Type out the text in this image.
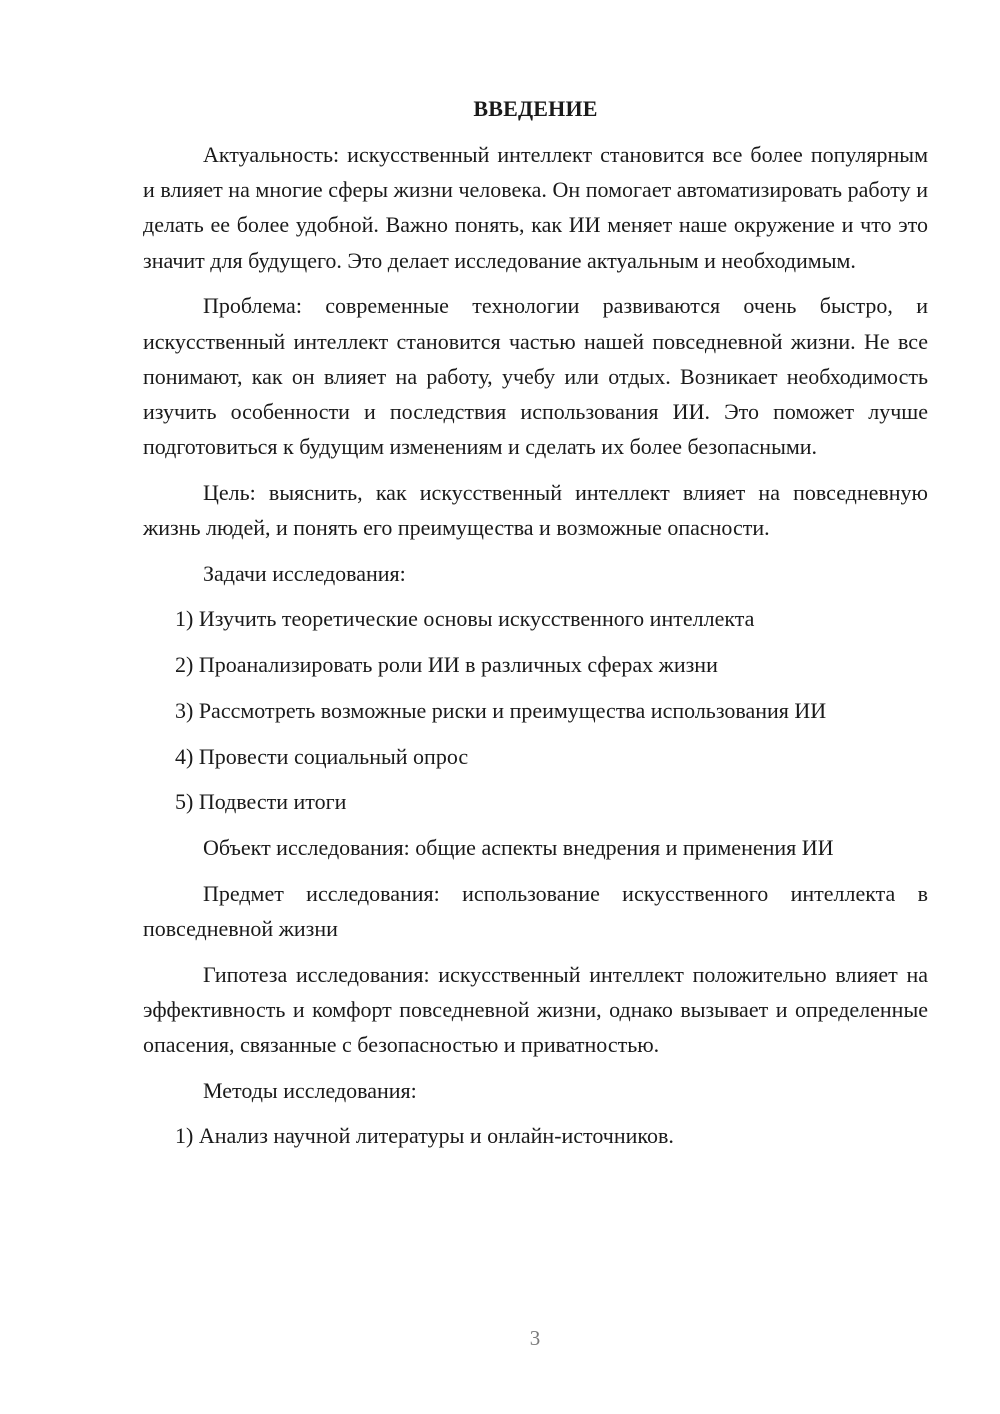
ВВЕДЕНИЕ

Актуальность: искусственный интеллект становится все более популярным и влияет на многие сферы жизни человека. Он помогает автоматизировать работу и делать ее более удобной. Важно понять, как ИИ меняет наше окружение и что это значит для будущего. Это делает исследование актуальным и необходимым.

Проблема: современные технологии развиваются очень быстро, и искусственный интеллект становится частью нашей повседневной жизни. Не все понимают, как он влияет на работу, учебу или отдых. Возникает необходимость изучить особенности и последствия использования ИИ. Это поможет лучше подготовиться к будущим изменениям и сделать их более безопасными.

Цель: выяснить, как искусственный интеллект влияет на повседневную жизнь людей, и понять его преимущества и возможные опасности.

Задачи исследования:

1) Изучить теоретические основы искусственного интеллекта
2) Проанализировать роли ИИ в различных сферах жизни
3) Рассмотреть возможные риски и преимущества использования ИИ
4) Провести социальный опрос
5) Подвести итоги

Объект исследования: общие аспекты внедрения и применения ИИ

Предмет исследования: использование искусственного интеллекта в повседневной жизни

Гипотеза исследования: искусственный интеллект положительно влияет на эффективность и комфорт повседневной жизни, однако вызывает и определенные опасения, связанные с безопасностью и приватностью.

Методы исследования:

1) Анализ научной литературы и онлайн-источников.
3
